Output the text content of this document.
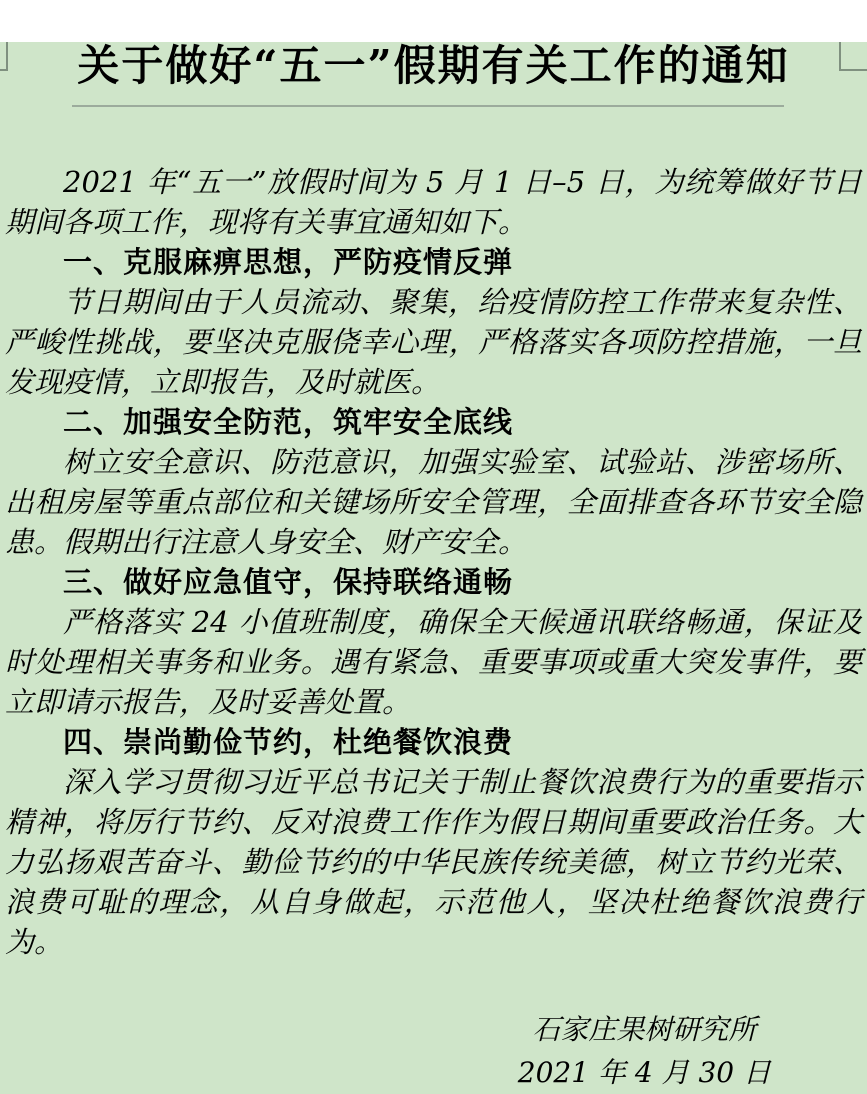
关于做好“五一”假期有关工作的通知

2021 年“五一”放假时间为 5 月 1 日–5 日，为统筹做好节日期间各项工作，现将有关事宜通知如下。

一、克服麻痹思想，严防疫情反弹

节日期间由于人员流动、聚集，给疫情防控工作带来复杂性、严峻性挑战，要坚决克服侥幸心理，严格落实各项防控措施，一旦发现疫情，立即报告，及时就医。

二、加强安全防范，筑牢安全底线

树立安全意识、防范意识，加强实验室、试验站、涉密场所、出租房屋等重点部位和关键场所安全管理，全面排查各环节安全隐患。假期出行注意人身安全、财产安全。

三、做好应急值守，保持联络通畅

严格落实 24 小值班制度，确保全天候通讯联络畅通，保证及时处理相关事务和业务。遇有紧急、重要事项或重大突发事件，要立即请示报告，及时妥善处置。

四、崇尚勤俭节约，杜绝餐饮浪费

深入学习贯彻习近平总书记关于制止餐饮浪费行为的重要指示精神，将厉行节约、反对浪费工作作为假日期间重要政治任务。大力弘扬艰苦奋斗、勤俭节约的中华民族传统美德，树立节约光荣、浪费可耻的理念，从自身做起，示范他人，坚决杜绝餐饮浪费行为。

石家庄果树研究所
2021 年 4 月 30 日
